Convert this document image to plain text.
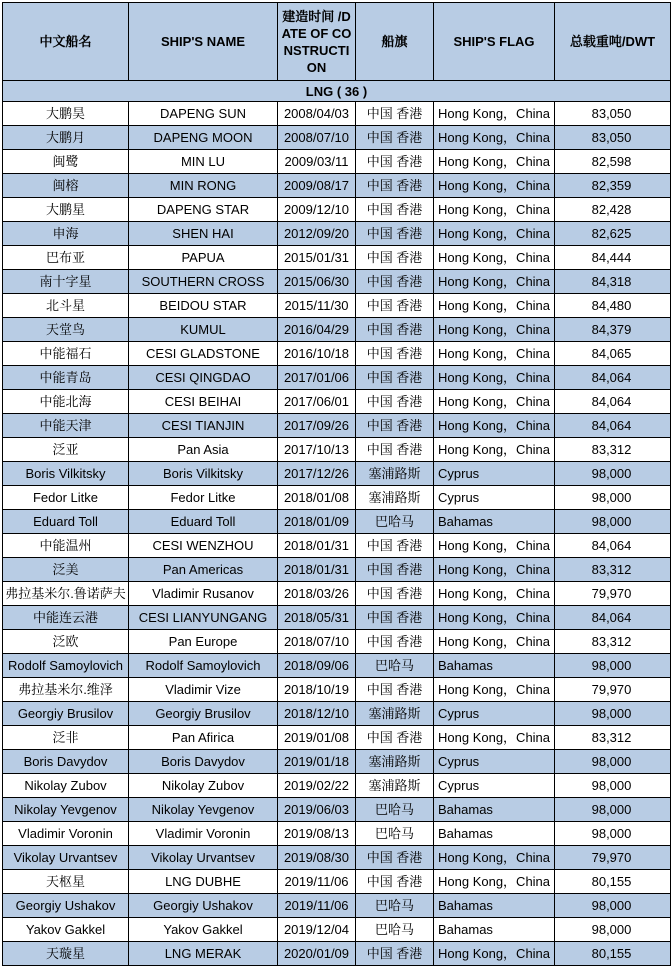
中文船名	SHIP'S NAME	建造时间 /DATE OF CONSTRUCTION	船旗	SHIP'S FLAG	总载重吨/DWT
LNG ( 36 )					
大鹏昊	DAPENG SUN	2008/04/03	中国 香港	Hong Kong，China	83,050
大鹏月	DAPENG MOON	2008/07/10	中国 香港	Hong Kong，China	83,050
闽鹭	MIN LU	2009/03/11	中国 香港	Hong Kong，China	82,598
闽榕	MIN RONG	2009/08/17	中国 香港	Hong Kong，China	82,359
大鹏星	DAPENG STAR	2009/12/10	中国 香港	Hong Kong，China	82,428
申海	SHEN HAI	2012/09/20	中国 香港	Hong Kong，China	82,625
巴布亚	PAPUA	2015/01/31	中国 香港	Hong Kong，China	84,444
南十字星	SOUTHERN CROSS	2015/06/30	中国 香港	Hong Kong，China	84,318
北斗星	BEIDOU STAR	2015/11/30	中国 香港	Hong Kong，China	84,480
天堂鸟	KUMUL	2016/04/29	中国 香港	Hong Kong，China	84,379
中能福石	CESI GLADSTONE	2016/10/18	中国 香港	Hong Kong，China	84,065
中能青岛	CESI QINGDAO	2017/01/06	中国 香港	Hong Kong，China	84,064
中能北海	CESI BEIHAI	2017/06/01	中国 香港	Hong Kong，China	84,064
中能天津	CESI TIANJIN	2017/09/26	中国 香港	Hong Kong，China	84,064
泛亚	Pan Asia	2017/10/13	中国 香港	Hong Kong，China	83,312
Boris Vilkitsky	Boris Vilkitsky	2017/12/26	塞浦路斯	Cyprus	98,000
Fedor Litke	Fedor Litke	2018/01/08	塞浦路斯	Cyprus	98,000
Eduard Toll	Eduard Toll	2018/01/09	巴哈马	Bahamas	98,000
中能温州	CESI WENZHOU	2018/01/31	中国 香港	Hong Kong，China	84,064
泛美	Pan Americas	2018/01/31	中国 香港	Hong Kong，China	83,312
弗拉基米尔.鲁诺萨夫	Vladimir Rusanov	2018/03/26	中国 香港	Hong Kong，China	79,970
中能连云港	CESI LIANYUNGANG	2018/05/31	中国 香港	Hong Kong，China	84,064
泛欧	Pan Europe	2018/07/10	中国 香港	Hong Kong，China	83,312
Rodolf Samoylovich	Rodolf Samoylovich	2018/09/06	巴哈马	Bahamas	98,000
弗拉基米尔.维泽	Vladimir Vize	2018/10/19	中国 香港	Hong Kong，China	79,970
Georgiy Brusilov	Georgiy Brusilov	2018/12/10	塞浦路斯	Cyprus	98,000
泛非	Pan Afirica	2019/01/08	中国 香港	Hong Kong，China	83,312
Boris Davydov	Boris Davydov	2019/01/18	塞浦路斯	Cyprus	98,000
Nikolay Zubov	Nikolay Zubov	2019/02/22	塞浦路斯	Cyprus	98,000
Nikolay Yevgenov	Nikolay Yevgenov	2019/06/03	巴哈马	Bahamas	98,000
Vladimir Voronin	Vladimir Voronin	2019/08/13	巴哈马	Bahamas	98,000
Vikolay Urvantsev	Vikolay Urvantsev	2019/08/30	中国 香港	Hong Kong，China	79,970
天枢星	LNG DUBHE	2019/11/06	中国 香港	Hong Kong，China	80,155
Georgiy Ushakov	Georgiy Ushakov	2019/11/06	巴哈马	Bahamas	98,000
Yakov Gakkel	Yakov Gakkel	2019/12/04	巴哈马	Bahamas	98,000
天璇星	LNG MERAK	2020/01/09	中国 香港	Hong Kong，China	80,155
